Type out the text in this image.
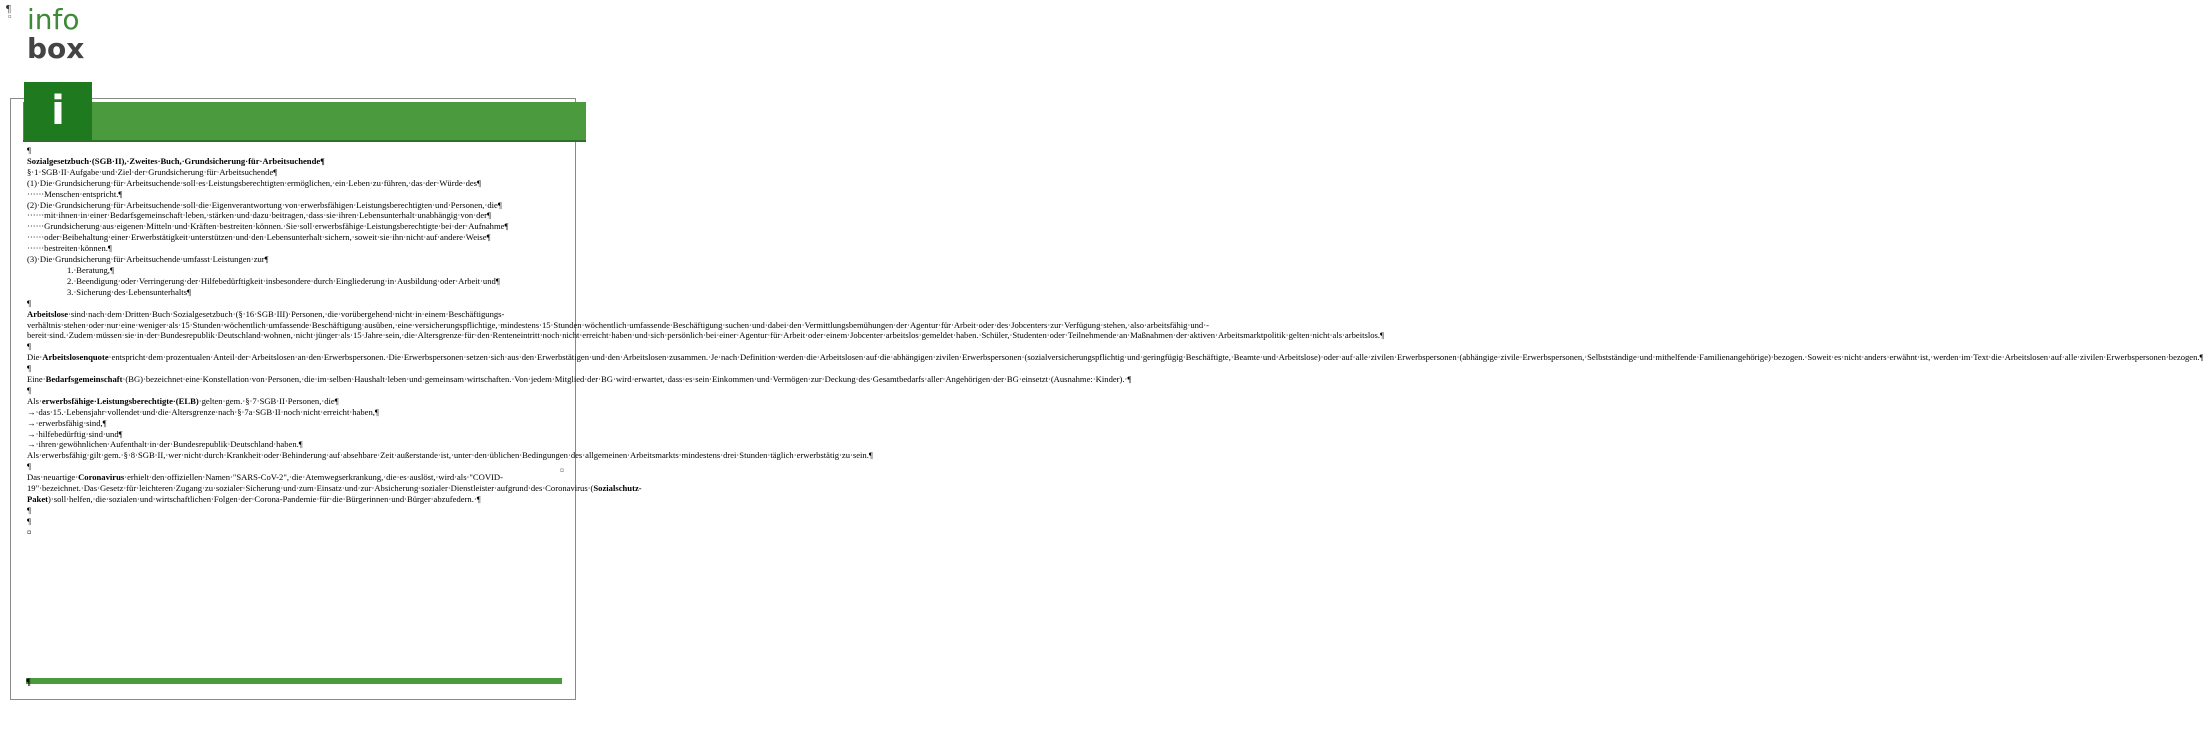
¶
¤ info
box
i

¶

Sozialgesetzbuch·(SGB·II),·Zweites·Buch,·Grundsicherung·für·Arbeitsuchende¶

§·1·SGB·II·Aufgabe·und·Ziel·der·Grundsicherung·für·Arbeitsuchende¶

(1)·Die·Grundsicherung·für·Arbeitsuchende·soll·es·Leistungsberechtigten·ermöglichen,·ein·Leben·zu·führen,·das·der·Würde·des¶

······Menschen·entspricht.¶

(2)·Die·Grundsicherung·für·Arbeitsuchende·soll·die·Eigenverantwortung·von·erwerbsfähigen·Leistungsberechtigten·und·Personen,·die¶

······mit·ihnen·in·einer·Bedarfsgemeinschaft·leben,·stärken·und·dazu·beitragen,·dass·sie·ihren·Lebensunterhalt·unabhängig·von·der¶

······Grundsicherung·aus·eigenen·Mitteln·und·Kräften·bestreiten·können.·Sie·soll·erwerbsfähige·Leistungsberechtigte·bei·der·Aufnahme¶

······oder·Beibehaltung·einer·Erwerbstätigkeit·unterstützen·und·den·Lebensunterhalt·sichern,·soweit·sie·ihn·nicht·auf·andere·Weise¶

······bestreiten·können.¶

(3)·Die·Grundsicherung·für·Arbeitsuchende·umfasst·Leistungen·zur¶

1.·Beratung,¶

2.·Beendigung·oder·Verringerung·der·Hilfebedürftigkeit·insbesondere·durch·Eingliederung·in·Ausbildung·oder·Arbeit·und¶

3.·Sicherung·des·Lebensunterhalts¶

¶

Arbeitslose·sind·nach·dem·Dritten·Buch·Sozialgesetzbuch·(§·16·SGB·III)·Personen,·die·vorübergehend·nicht·in·einem·Beschäftigungs-verhältnis·stehen·oder·nur·eine·weniger·als·15·Stunden·wöchentlich·umfassende·Beschäftigung·ausüben,·eine·versicherungspflichtige,·mindestens·15·Stunden·wöchentlich·umfassende·Beschäftigung·suchen·und·dabei·den·Vermittlungsbemühungen·der·Agentur·für·Arbeit·oder·des·Jobcenters·zur·Verfügung·stehen,·also·arbeitsfähig·und·-bereit·sind.·Zudem·müssen·sie·in·der·Bundesrepublik·Deutschland·wohnen,·nicht·jünger·als·15·Jahre·sein,·die·Altersgrenze·für·den·Renteneintritt·noch·nicht·erreicht·haben·und·sich·persönlich·bei·einer·Agentur·für·Arbeit·oder·einem·Jobcenter·arbeitslos·gemeldet·haben.·Schüler,·Studenten·oder·Teilnehmende·an·Maßnahmen·der·aktiven·Arbeitsmarktpolitik·gelten·nicht·als·arbeitslos.¶

¶

Die·Arbeitslosenquote·entspricht·dem·prozentualen·Anteil·der·Arbeitslosen·an·den·Erwerbspersonen.·Die·Erwerbspersonen·setzen·sich·aus·den·Erwerbstätigen·und·den·Arbeitslosen·zusammen.·Je·nach·Definition·werden·die·Arbeitslosen·auf·die·abhängigen·zivilen·Erwerbspersonen·(sozialversicherungspflichtig·und·geringfügig·Beschäftigte,·Beamte·und·Arbeitslose)·oder·auf·alle·zivilen·Erwerbspersonen·(abhängige·zivile·Erwerbspersonen,·Selbstständige·und·mithelfende·Familienangehörige)·bezogen.·Soweit·es·nicht·anders·erwähnt·ist,·werden·im·Text·die·Arbeitslosen·auf·alle·zivilen·Erwerbspersonen·bezogen.¶

¶

Eine·Bedarfsgemeinschaft·(BG)·bezeichnet·eine·Konstellation·von·Personen,·die·im·selben·Haushalt·leben·und·gemeinsam·wirtschaften.·Von·jedem·Mitglied·der·BG·wird·erwartet,·dass·es·sein·Einkommen·und·Vermögen·zur·Deckung·des·Gesamtbedarfs·aller·Angehörigen·der·BG·einsetzt·(Ausnahme:·Kinder).·¶

¶

Als·erwerbsfähige·Leistungsberechtigte·(ELB)·gelten·gem.·§·7·SGB·II·Personen,·die¶

→·das·15.·Lebensjahr·vollendet·und·die·Altersgrenze·nach·§·7a·SGB·II·noch·nicht·erreicht·haben,¶

→·erwerbsfähig·sind,¶

→·hilfebedürftig·sind·und¶

→·ihren·gewöhnlichen·Aufenthalt·in·der·Bundesrepublik·Deutschland·haben.¶

Als·erwerbsfähig·gilt·gem.·§·8·SGB·II,·wer·nicht·durch·Krankheit·oder·Behinderung·auf·absehbare·Zeit·außerstande·ist,·unter·den·üblichen·Bedingungen·des·allgemeinen·Arbeitsmarkts·mindestens·drei·Stunden·täglich·erwerbstätig·zu·sein.¶

¶

Das·neuartige·Coronavirus·erhielt·den·offiziellen·Namen·"SARS-CoV-2",·die·Atemwegserkrankung,·die·es·auslöst,·wird·als·"COVID-19"·bezeichnet.·Das·Gesetz·für·leichteren·Zugang·zu·sozialer·Sicherung·und·zum·Einsatz·und·zur·Absicherung·sozialer·Dienstleister·aufgrund·des·Coronavirus·(Sozialschutz-Paket)·soll·helfen,·die·sozialen·und·wirtschaftlichen·Folgen·der·Corona-Pandemie·für·die·Bürgerinnen·und·Bürger·abzufedern.·¶

¶

¶

¤

¤
¶
